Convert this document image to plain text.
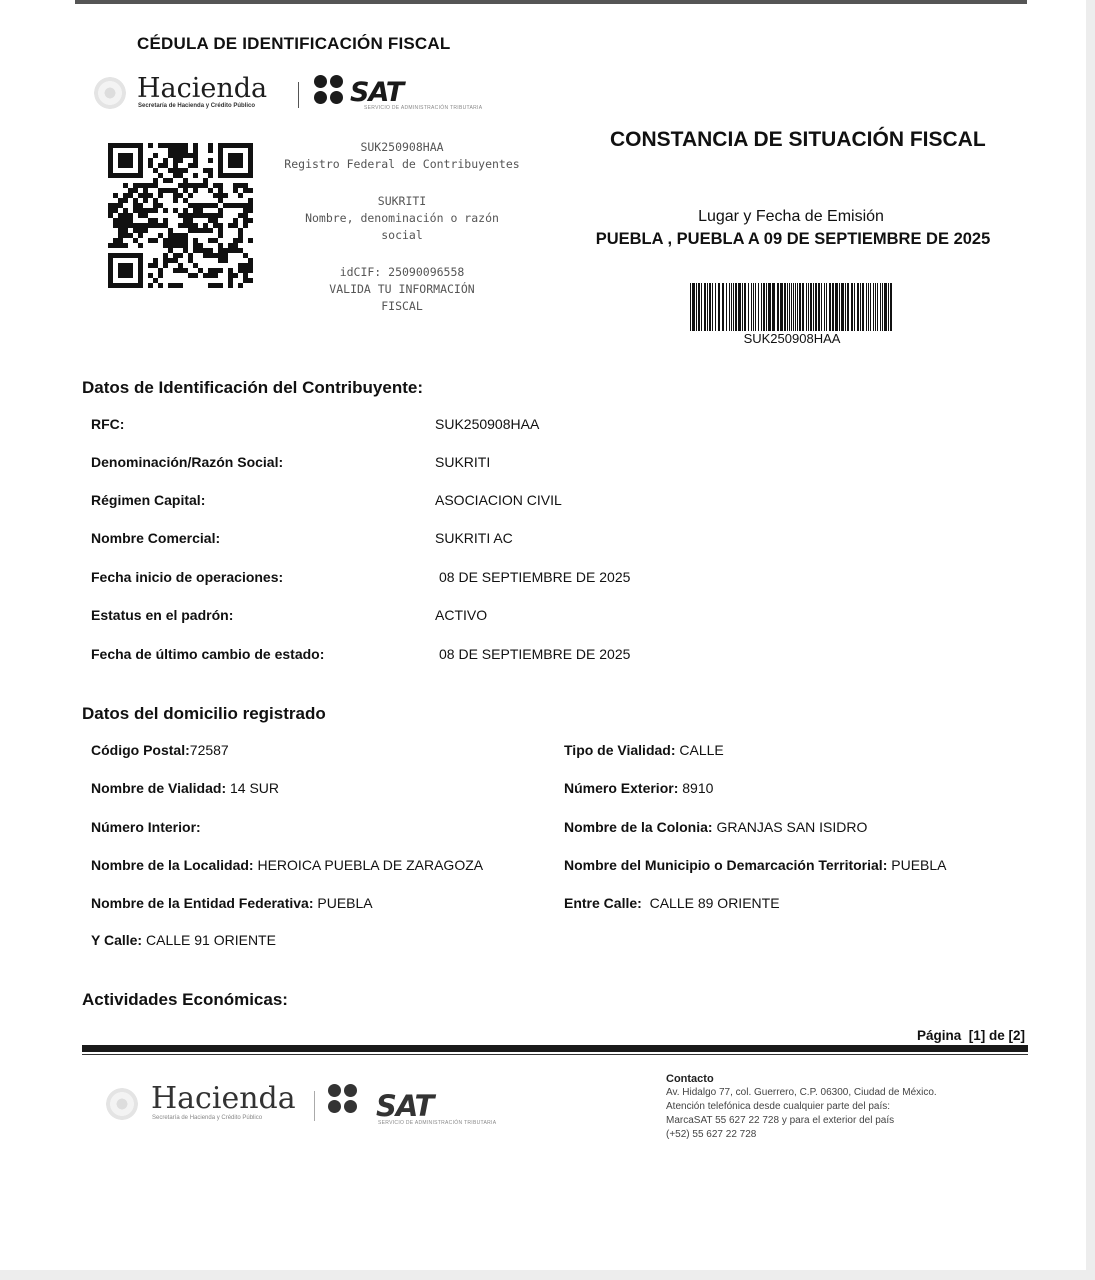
CÉDULA DE IDENTIFICACIÓN FISCAL
Hacienda
Secretaría de Hacienda y Crédito Público	SAT
SERVICIO DE ADMINISTRACIÓN TRIBUTARIA
SUK250908HAA
Registro Federal de Contribuyentes
SUKRITI
Nombre, denominación o razón
social
idCIF: 25090096558
VALIDA TU INFORMACIÓN
FISCAL
CONSTANCIA DE SITUACIÓN FISCAL
Lugar y Fecha de Emisión
PUEBLA , PUEBLA A 09 DE SEPTIEMBRE DE 2025
SUK250908HAA
Datos de Identificación del Contribuyente:
RFC:	SUK250908HAA
Denominación/Razón Social:	SUKRITI
Régimen Capital:	ASOCIACION CIVIL
Nombre Comercial:	SUKRITI AC
Fecha inicio de operaciones:	08 DE SEPTIEMBRE DE 2025
Estatus en el padrón:	ACTIVO
Fecha de último cambio de estado:	08 DE SEPTIEMBRE DE 2025
Datos del domicilio registrado
Código Postal:72587
Nombre de Vialidad: 14 SUR
Número Interior:
Nombre de la Localidad: HEROICA PUEBLA DE ZARAGOZA
Nombre de la Entidad Federativa: PUEBLA
Y Calle: CALLE 91 ORIENTE
Tipo de Vialidad: CALLE
Número Exterior: 8910
Nombre de la Colonia: GRANJAS SAN ISIDRO
Nombre del Municipio o Demarcación Territorial: PUEBLA
Entre Calle: CALLE 89 ORIENTE
Actividades Económicas:
Página  [1] de [2]
Hacienda
Secretaría de Hacienda y Crédito Público	SAT
SERVICIO DE ADMINISTRACIÓN TRIBUTARIA
Contacto
Av. Hidalgo 77, col. Guerrero, C.P. 06300, Ciudad de México.
Atención telefónica desde cualquier parte del país:
MarcaSAT 55 627 22 728 y para el exterior del país
(+52) 55 627 22 728
